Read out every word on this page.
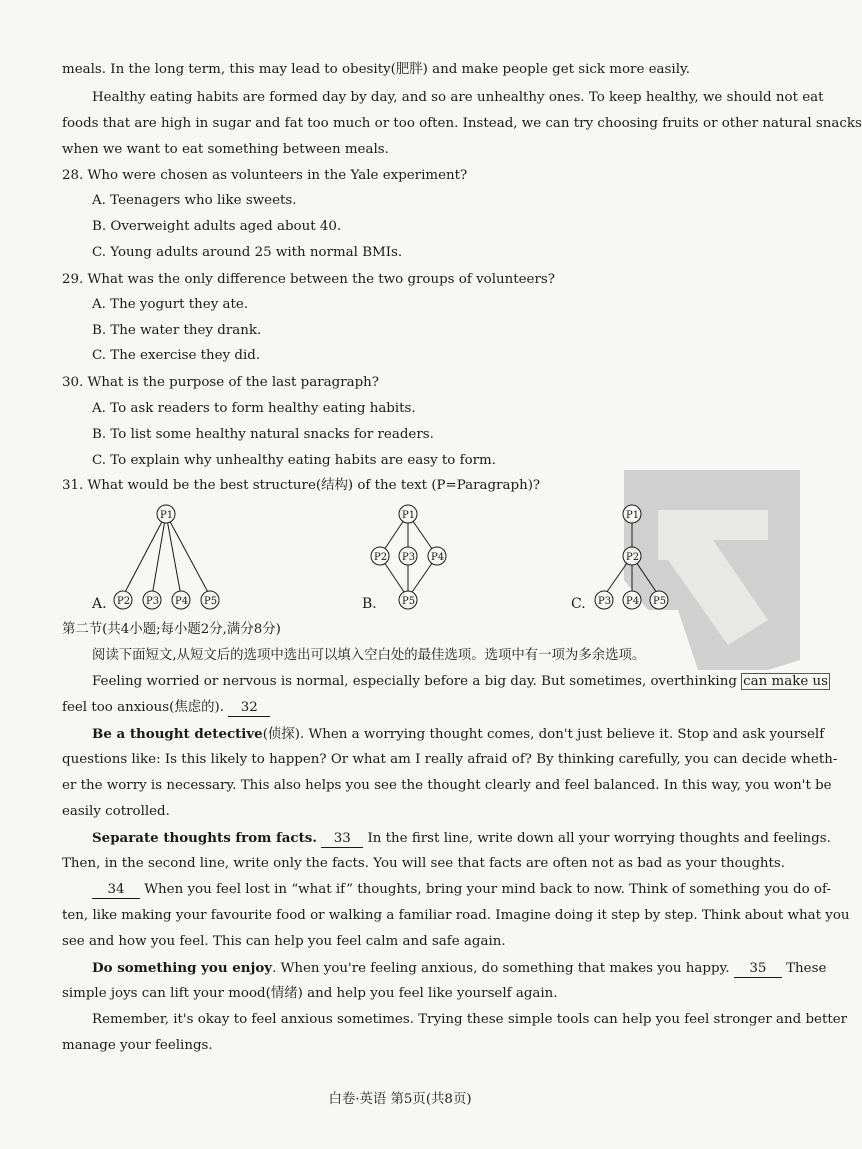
meals. In the long term, this may lead to obesity(肥胖) and make people get sick more easily.
Healthy eating habits are formed day by day, and so are unhealthy ones. To keep healthy, we should not eat
foods that are high in sugar and fat too much or too often. Instead, we can try choosing fruits or other natural snacks
when we want to eat something between meals.
28. Who were chosen as volunteers in the Yale experiment?
A. Teenagers who like sweets.
B. Overweight adults aged about 40.
C. Young adults around 25 with normal BMIs.
29. What was the only difference between the two groups of volunteers?
A. The yogurt they ate.
B. The water they drank.
C. The exercise they did.
30. What is the purpose of the last paragraph?
A. To ask readers to form healthy eating habits.
B. To list some healthy natural snacks for readers.
C. To explain why unhealthy eating habits are easy to form.
31. What would be the best structure(结构) of the text (P=Paragraph)?
A.
P1
P2 P3 P4 P5	B.
P1
P2 P3 P4
P5	C.
P1
P2
P3 P4 P5
第二节(共4小题;每小题2分,满分8分)
阅读下面短文,从短文后的选项中选出可以填入空白处的最佳选项。选项中有一项为多余选项。
Feeling worried or nervous is normal, especially before a big day. But sometimes, overthinking can make us
feel too anxious(焦虑的). 32
Be a thought detective(侦探). When a worrying thought comes, don't just believe it. Stop and ask yourself
questions like: Is this likely to happen? Or what am I really afraid of? By thinking carefully, you can decide wheth-
er the worry is necessary. This also helps you see the thought clearly and feel balanced. In this way, you won't be
easily cotrolled.
Separate thoughts from facts. 33 In the first line, write down all your worrying thoughts and feelings.
Then, in the second line, write only the facts. You will see that facts are often not as bad as your thoughts.
34 When you feel lost in “what if” thoughts, bring your mind back to now. Think of something you do of-
ten, like making your favourite food or walking a familiar road. Imagine doing it step by step. Think about what you
see and how you feel. This can help you feel calm and safe again.
Do something you enjoy. When you're feeling anxious, do something that makes you happy. 35 These
simple joys can lift your mood(情绪) and help you feel like yourself again.
Remember, it's okay to feel anxious sometimes. Trying these simple tools can help you feel stronger and better
manage your feelings.
白卷·英语 第5页(共8页)
